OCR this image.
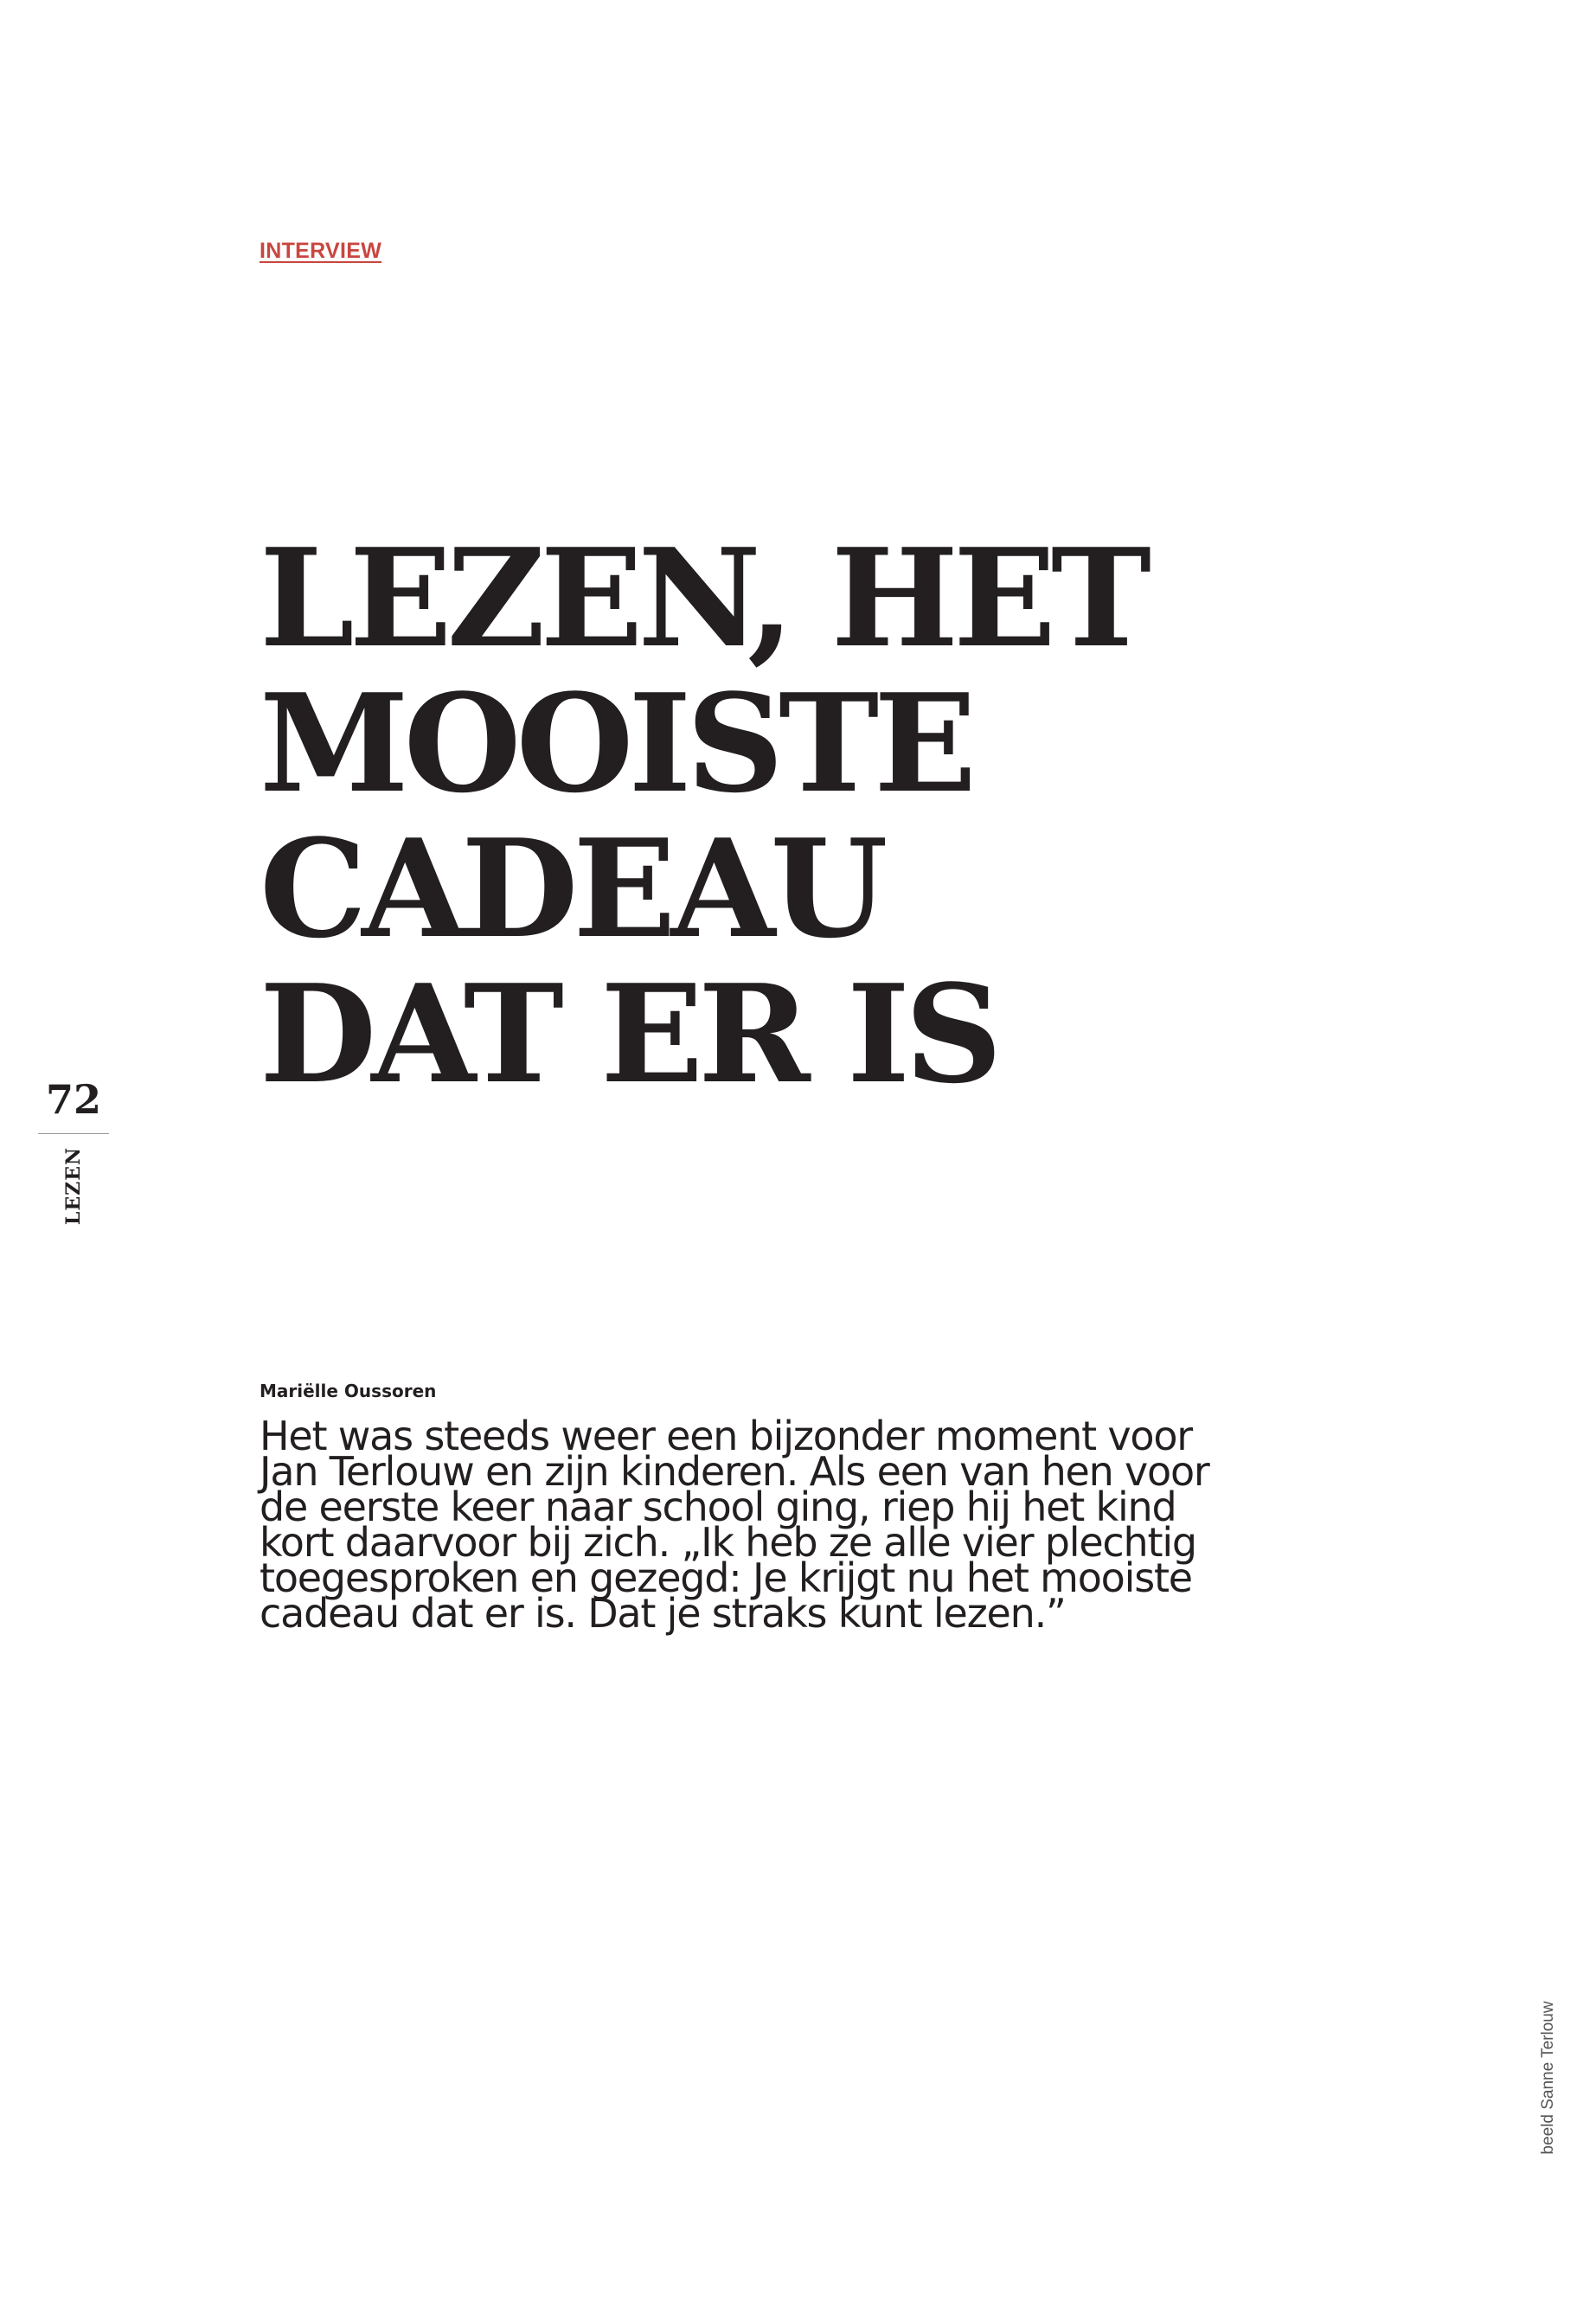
INTERVIEW
LEZEN, HET
MOOISTE
CADEAU
DAT ER IS
72
LEZEN
Mariëlle Oussoren
Het was steeds weer een bijzonder moment voor
Jan Terlouw en zijn kinderen. Als een van hen voor
de eerste keer naar school ging, riep hij het kind
kort daarvoor bij zich. „Ik heb ze alle vier plechtig
toegesproken en gezegd: Je krijgt nu het mooiste
cadeau dat er is. Dat je straks kunt lezen.”
beeld Sanne Terlouw
